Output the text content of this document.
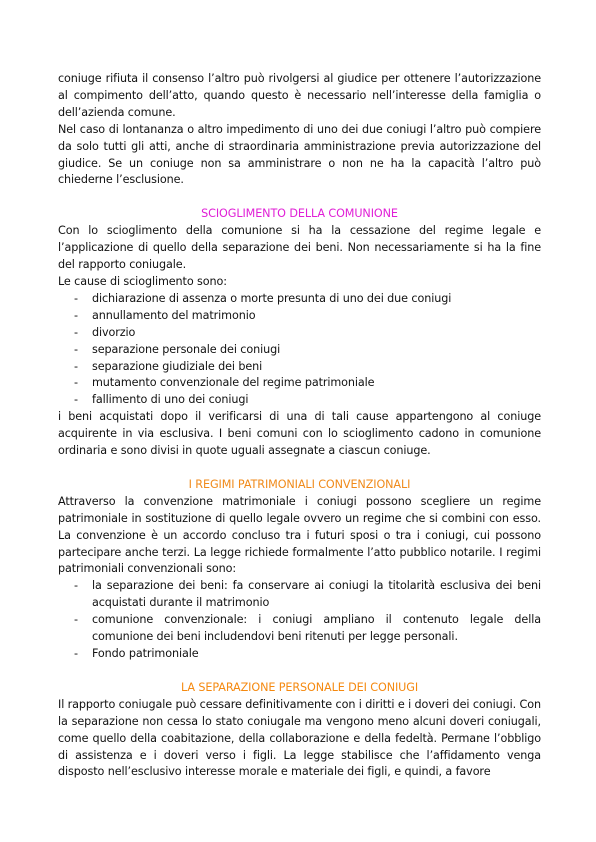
coniuge rifiuta il consenso l’altro può rivolgersi al giudice per ottenere l’autorizzazione al compimento dell’atto, quando questo è necessario nell’interesse della famiglia o dell’azienda comune.

Nel caso di lontananza o altro impedimento di uno dei due coniugi l’altro può compiere da solo tutti gli atti, anche di straordinaria amministrazione previa autorizzazione del giudice. Se un coniuge non sa amministrare o non ne ha la capacità l’altro può chiederne l’esclusione.

SCIOGLIMENTO DELLA COMUNIONE

Con lo scioglimento della comunione si ha la cessazione del regime legale e l’applicazione di quello della separazione dei beni. Non necessariamente si ha la fine del rapporto coniugale.

Le cause di scioglimento sono:

- dichiarazione di assenza o morte presunta di uno dei due coniugi
- annullamento del matrimonio
- divorzio
- separazione personale dei coniugi
- separazione giudiziale dei beni
- mutamento convenzionale del regime patrimoniale
- fallimento di uno dei coniugi

i beni acquistati dopo il verificarsi di una di tali cause appartengono al coniuge acquirente in via esclusiva. I beni comuni con lo scioglimento cadono in comunione ordinaria e sono divisi in quote uguali assegnate a ciascun coniuge.

I REGIMI PATRIMONIALI CONVENZIONALI

Attraverso la convenzione matrimoniale i coniugi possono scegliere un regime patrimoniale in sostituzione di quello legale ovvero un regime che si combini con esso. La convenzione è un accordo concluso tra i futuri sposi o tra i coniugi, cui possono partecipare anche terzi. La legge richiede formalmente l’atto pubblico notarile. I regimi patrimoniali convenzionali sono:

- la separazione dei beni: fa conservare ai coniugi la titolarità esclusiva dei beni acquistati durante il matrimonio
- comunione convenzionale: i coniugi ampliano il contenuto legale della comunione dei beni includendovi beni ritenuti per legge personali.
- Fondo patrimoniale
LA SEPARAZIONE PERSONALE DEI CONIUGI

Il rapporto coniugale può cessare definitivamente con i diritti e i doveri dei coniugi. Con la separazione non cessa lo stato coniugale ma vengono meno alcuni doveri coniugali, come quello della coabitazione, della collaborazione e della fedeltà. Permane l’obbligo di assistenza e i doveri verso i figli. La legge stabilisce che l’affidamento venga disposto nell’esclusivo interesse morale e materiale dei figli, e quindi, a favore
